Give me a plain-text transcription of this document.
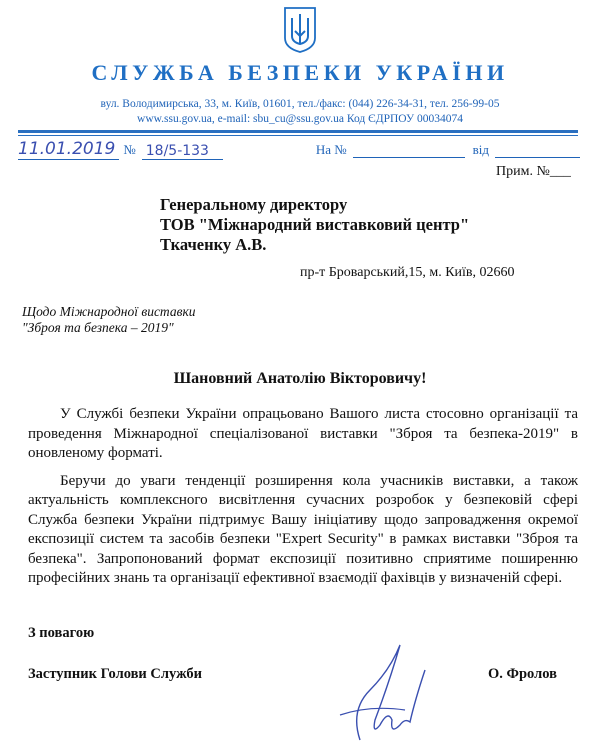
СЛУЖБА БЕЗПЕКИ УКРАЇНИ
вул. Володимирська, 33, м. Київ, 01601, тел./факс: (044) 226-34-31, тел. 256-99-05
www.ssu.gov.ua, e-mail: sbu_cu@ssu.gov.ua Код ЄДРПОУ 00034074
11.01.2019 № 18/5-133	На №	від
Прим. №___
Генеральному директору
ТОВ "Міжнародний виставковий центр"
Ткаченку А.В.
пр-т Броварський,15, м. Київ, 02660
Щодо Міжнародної виставки
"Зброя та безпека – 2019"
Шановний Анатолію Вікторовичу!

У Службі безпеки України опрацьовано Вашого листа стосовно організації та проведення Міжнародної спеціалізованої виставки "Зброя та безпека-2019" в оновленому форматі.

Беручи до уваги тенденції розширення кола учасників виставки, а також актуальність комплексного висвітлення сучасних розробок у безпековій сфері Служба безпеки України підтримує Вашу ініціативу щодо запровадження окремої експозиції систем та засобів безпеки "Expert Security" в рамках виставки "Зброя та безпека". Запропонований формат експозиції позитивно сприятиме поширенню професійних знань та організації ефективної взаємодії фахівців у визначеній сфері.

З повагою
Заступник Голови Служби	О. Фролов
